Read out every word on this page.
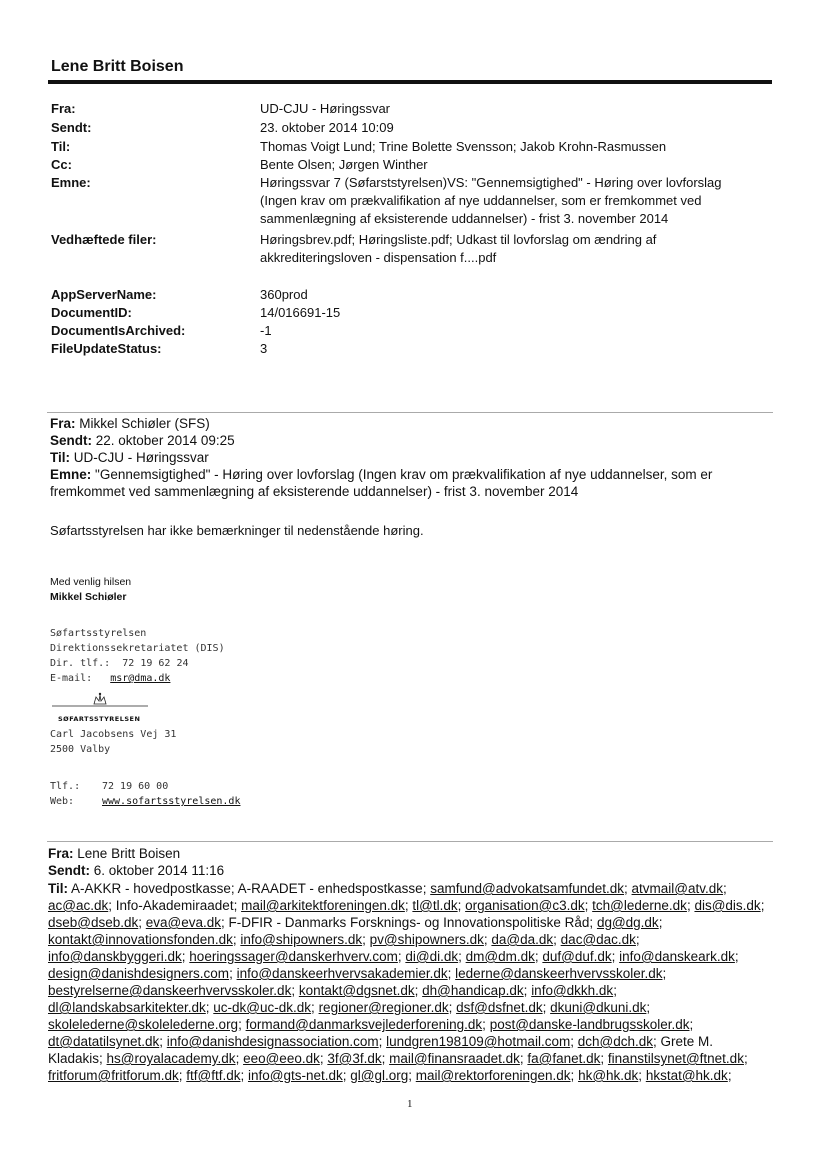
Lene Britt Boisen
Fra:	UD-CJU - Høringssvar
Sendt:	23. oktober 2014 10:09
Til:	Thomas Voigt Lund; Trine Bolette Svensson; Jakob Krohn-Rasmussen
Cc:	Bente Olsen; Jørgen Winther
Emne:	Høringssvar 7 (Søfarststyrelsen)VS: "Gennemsigtighed" - Høring over lovforslag (Ingen krav om prækvalifikation af nye uddannelser, som er fremkommet ved sammenlægning af eksisterende uddannelser) - frist 3. november 2014
Vedhæftede filer:	Høringsbrev.pdf; Høringsliste.pdf; Udkast til lovforslag om ændring af akkrediteringsloven - dispensation f....pdf
AppServerName:	360prod
DocumentID:	14/016691-15
DocumentIsArchived:	-1
FileUpdateStatus:	3
Fra: Mikkel Schiøler (SFS)
Sendt: 22. oktober 2014 09:25
Til: UD-CJU - Høringssvar
Emne: "Gennemsigtighed" - Høring over lovforslag (Ingen krav om prækvalifikation af nye uddannelser, som er fremkommet ved sammenlægning af eksisterende uddannelser) - frist 3. november 2014
Søfartsstyrelsen har ikke bemærkninger til nedenstående høring.
Med venlig hilsen
Mikkel Schiøler
Søfartsstyrelsen
Direktionssekretariatet (DIS)
Dir. tlf.: 72 19 62 24
E-mail: msr@dma.dk
SØFARTSSTYRELSEN
Carl Jacobsens Vej 31
2500 Valby
Tlf.: 72 19 60 00
Web:	www.sofartsstyrelsen.dk
Fra: Lene Britt Boisen
Sendt: 6. oktober 2014 11:16
Til: A-AKKR - hovedpostkasse; A-RAADET - enhedspostkasse; samfund@advokatsamfundet.dk; atvmail@atv.dk; ac@ac.dk; Info-Akademiraadet; mail@arkitektforeningen.dk; tl@tl.dk; organisation@c3.dk; tch@lederne.dk; dis@dis.dk; dseb@dseb.dk; eva@eva.dk; F-DFIR - Danmarks Forsknings- og Innovationspolitiske Råd; dg@dg.dk; kontakt@innovationsfonden.dk; info@shipowners.dk; pv@shipowners.dk; da@da.dk; dac@dac.dk; info@danskbyggeri.dk; hoeringssager@danskerhverv.com; di@di.dk; dm@dm.dk; duf@duf.dk; info@danskeark.dk; design@danishdesigners.com; info@danskeerhvervsakademier.dk; lederne@danskeerhvervsskoler.dk; bestyrelserne@danskeerhvervsskoler.dk; kontakt@dgsnet.dk; dh@handicap.dk; info@dkkh.dk; dl@landskabsarkitekter.dk; uc-dk@uc-dk.dk; regioner@regioner.dk; dsf@dsfnet.dk; dkuni@dkuni.dk; skolelederne@skolelederne.org; formand@danmarksvejlederforening.dk; post@danske-landbrugsskoler.dk; dt@datatilsynet.dk; info@danishdesignassociation.com; lundgren198109@hotmail.com; dch@dch.dk; Grete M. Kladakis; hs@royalacademy.dk; eeo@eeo.dk; 3f@3f.dk; mail@finansraadet.dk; fa@fanet.dk; finanstilsynet@ftnet.dk; fritforum@fritforum.dk; ftf@ftf.dk; info@gts-net.dk; gl@gl.org; mail@rektorforeningen.dk; hk@hk.dk; hkstat@hk.dk;
1
